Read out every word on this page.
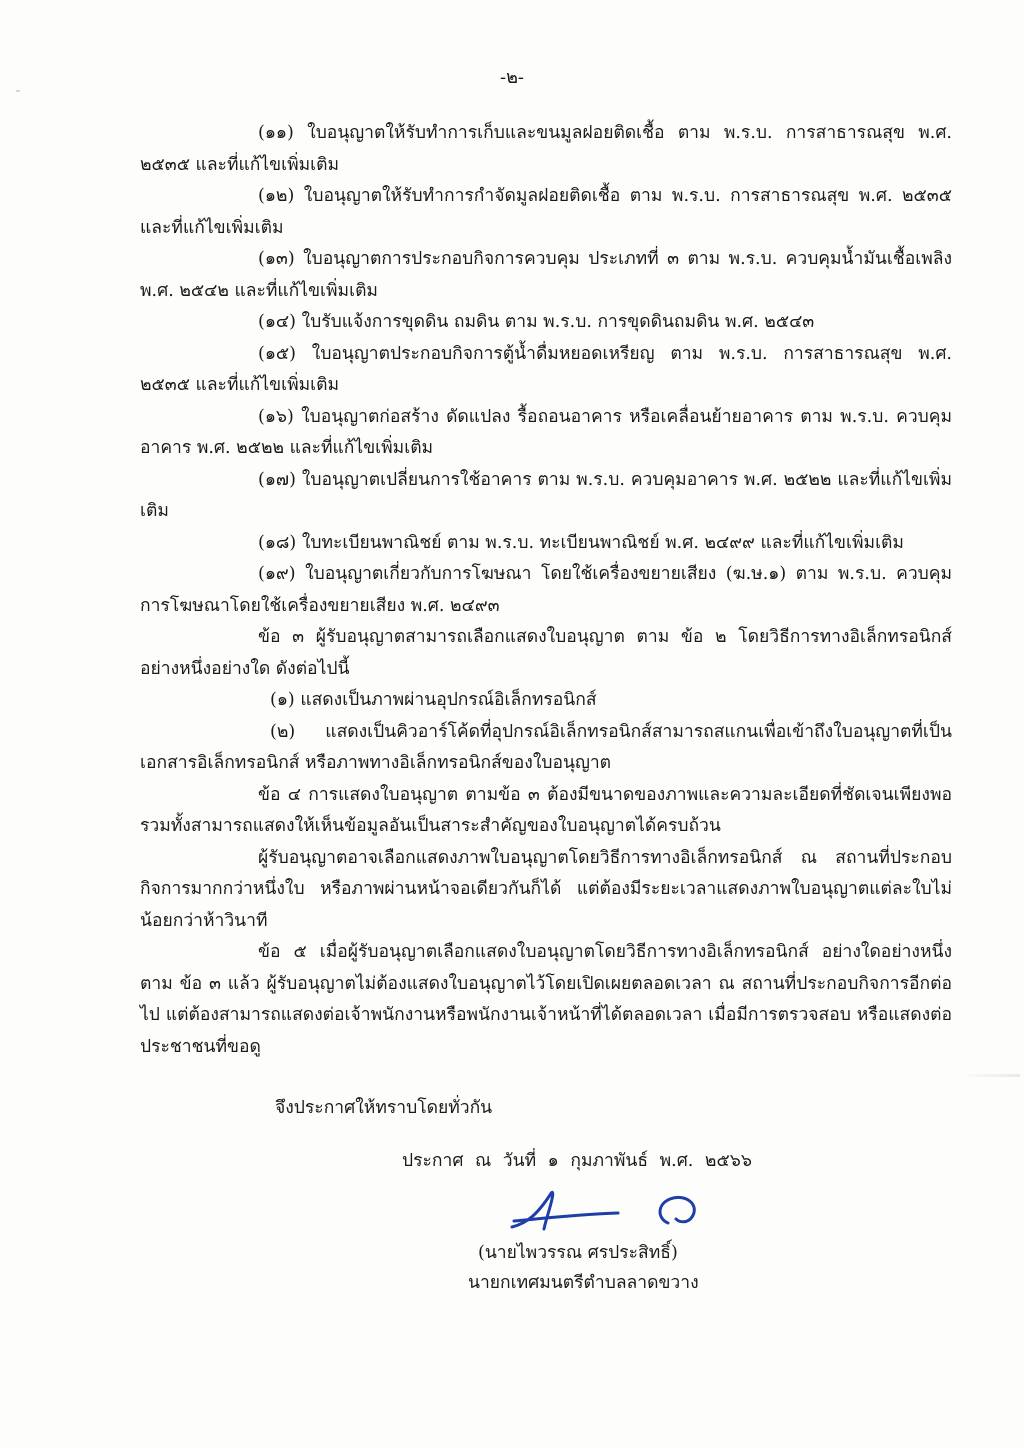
-๒-

(๑๑) ใบอนุญาตให้รับทำการเก็บและขนมูลฝอยติดเชื้อ ตาม พ.ร.บ. การสาธารณสุข พ.ศ. ๒๕๓๕ และที่แก้ไขเพิ่มเติม

(๑๒) ใบอนุญาตให้รับทำการกำจัดมูลฝอยติดเชื้อ ตาม พ.ร.บ. การสาธารณสุข พ.ศ. ๒๕๓๕ และที่แก้ไขเพิ่มเติม

(๑๓) ใบอนุญาตการประกอบกิจการควบคุม ประเภทที่ ๓ ตาม พ.ร.บ. ควบคุมน้ำมันเชื้อเพลิง พ.ศ. ๒๕๔๒ และที่แก้ไขเพิ่มเติม

(๑๔) ใบรับแจ้งการขุดดิน ถมดิน ตาม พ.ร.บ. การขุดดินถมดิน พ.ศ. ๒๕๔๓

(๑๕) ใบอนุญาตประกอบกิจการตู้น้ำดื่มหยอดเหรียญ ตาม พ.ร.บ. การสาธารณสุข พ.ศ. ๒๕๓๕ และที่แก้ไขเพิ่มเติม

(๑๖) ใบอนุญาตก่อสร้าง ดัดแปลง รื้อถอนอาคาร หรือเคลื่อนย้ายอาคาร ตาม พ.ร.บ. ควบคุมอาคาร พ.ศ. ๒๕๒๒ และที่แก้ไขเพิ่มเติม

(๑๗) ใบอนุญาตเปลี่ยนการใช้อาคาร ตาม พ.ร.บ. ควบคุมอาคาร พ.ศ. ๒๕๒๒ และที่แก้ไขเพิ่มเติม

(๑๘) ใบทะเบียนพาณิชย์ ตาม พ.ร.บ. ทะเบียนพาณิชย์ พ.ศ. ๒๔๙๙ และที่แก้ไขเพิ่มเติม

(๑๙) ใบอนุญาตเกี่ยวกับการโฆษณา โดยใช้เครื่องขยายเสียง (ฆ.ษ.๑) ตาม พ.ร.บ. ควบคุมการโฆษณาโดยใช้เครื่องขยายเสียง พ.ศ. ๒๔๙๓

ข้อ ๓ ผู้รับอนุญาตสามารถเลือกแสดงใบอนุญาต ตาม ข้อ ๒ โดยวิธีการทางอิเล็กทรอนิกส์ อย่างหนึ่งอย่างใด ดังต่อไปนี้

(๑) แสดงเป็นภาพผ่านอุปกรณ์อิเล็กทรอนิกส์

(๒) แสดงเป็นคิวอาร์โค้ดที่อุปกรณ์อิเล็กทรอนิกส์สามารถสแกนเพื่อเข้าถึงใบอนุญาตที่เป็นเอกสารอิเล็กทรอนิกส์ หรือภาพทางอิเล็กทรอนิกส์ของใบอนุญาต

ข้อ ๔ การแสดงใบอนุญาต ตามข้อ ๓ ต้องมีขนาดของภาพและความละเอียดที่ชัดเจนเพียงพอ รวมทั้งสามารถแสดงให้เห็นข้อมูลอันเป็นสาระสำคัญของใบอนุญาตได้ครบถ้วน

ผู้รับอนุญาตอาจเลือกแสดงภาพใบอนุญาตโดยวิธีการทางอิเล็กทรอนิกส์ ณ สถานที่ประกอบกิจการมากกว่าหนึ่งใบ หรือภาพผ่านหน้าจอเดียวกันก็ได้ แต่ต้องมีระยะเวลาแสดงภาพใบอนุญาตแต่ละใบไม่น้อยกว่าห้าวินาที

ข้อ ๕ เมื่อผู้รับอนุญาตเลือกแสดงใบอนุญาตโดยวิธีการทางอิเล็กทรอนิกส์ อย่างใดอย่างหนึ่งตาม ข้อ ๓ แล้ว ผู้รับอนุญาตไม่ต้องแสดงใบอนุญาตไว้โดยเปิดเผยตลอดเวลา ณ สถานที่ประกอบกิจการอีกต่อไป แต่ต้องสามารถแสดงต่อเจ้าพนักงานหรือพนักงานเจ้าหน้าที่ได้ตลอดเวลา เมื่อมีการตรวจสอบ หรือแสดงต่อประชาชนที่ขอดู

จึงประกาศให้ทราบโดยทั่วกัน
ประกาศ ณ วันที่ ๑ กุมภาพันธ์ พ.ศ. ๒๕๖๖
(นายไพวรรณ ศรประสิทธิ์)
นายกเทศมนตรีตำบลลาดขวาง
